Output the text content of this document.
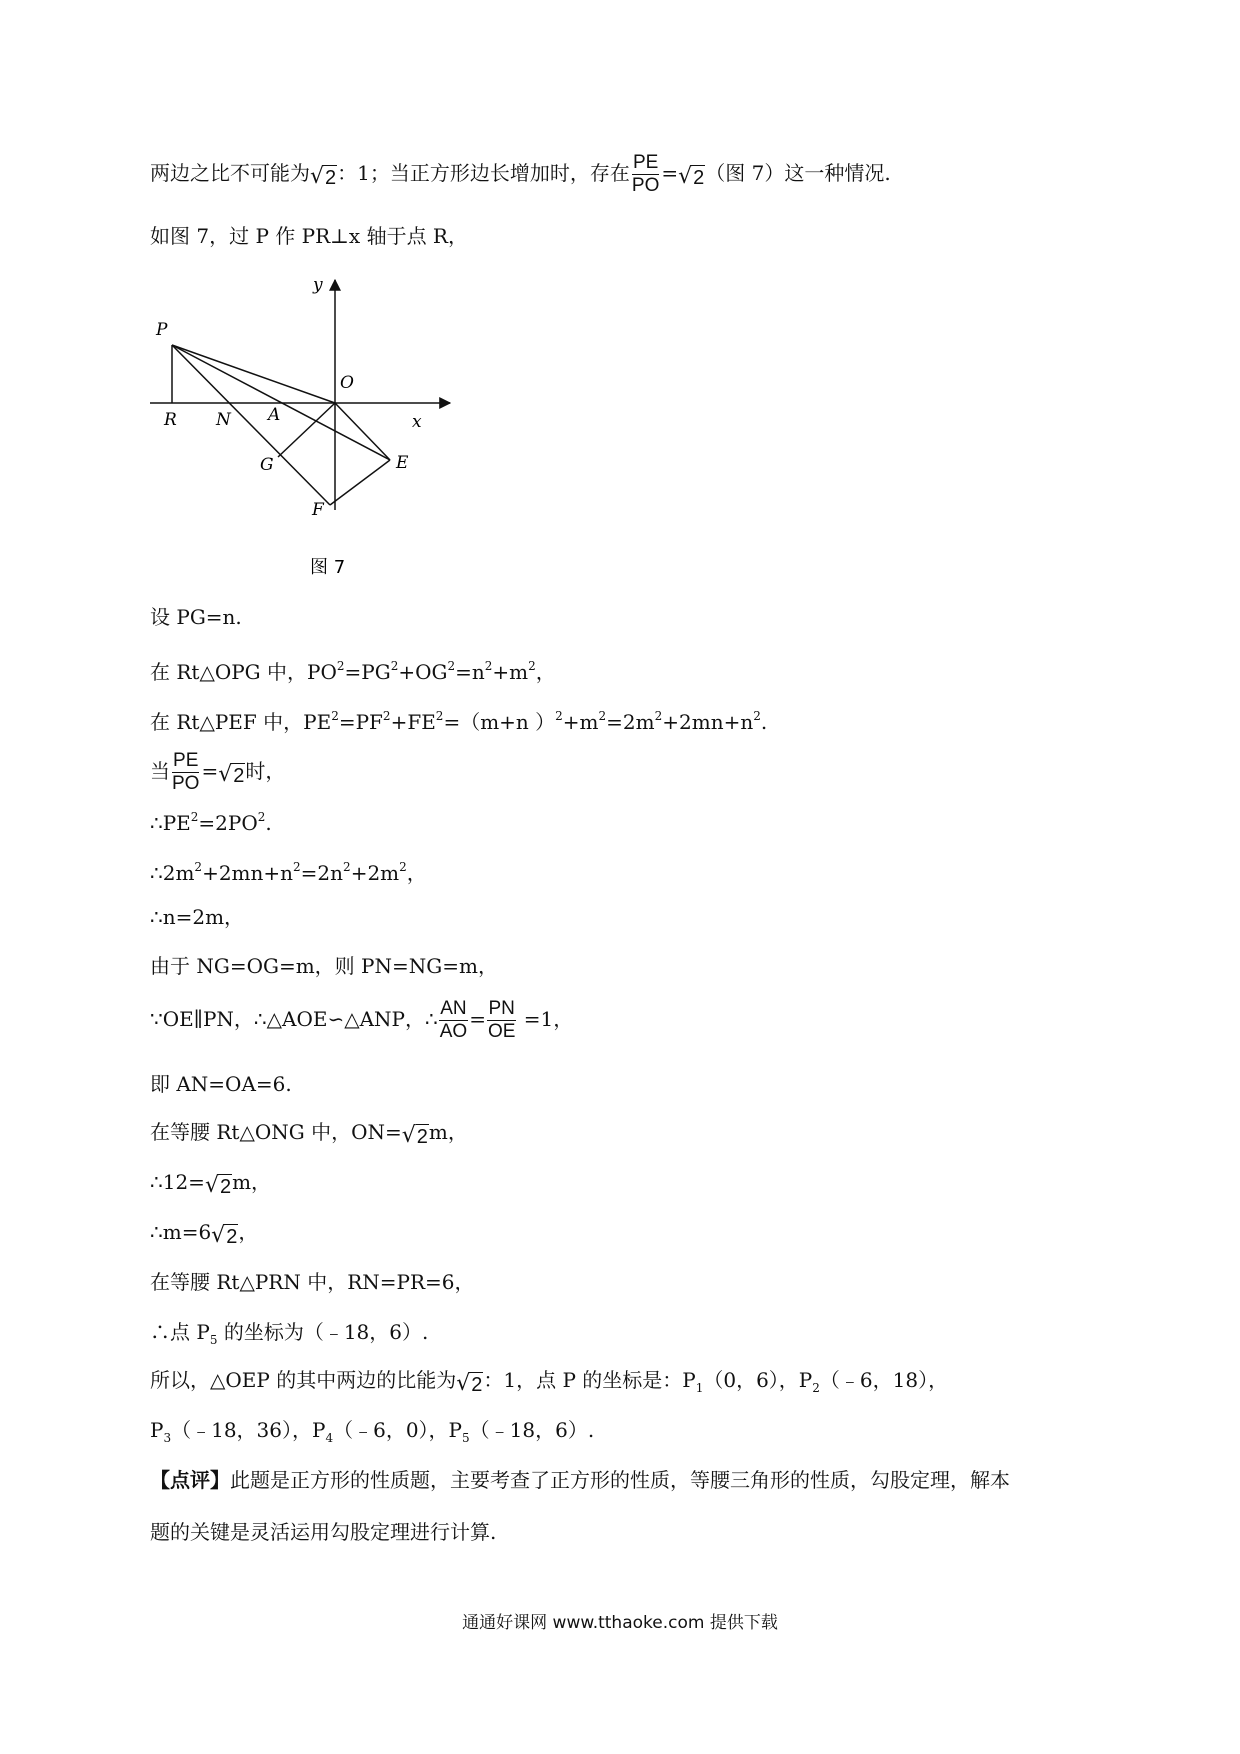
两边之比不可能为 √ 2 ：1；当正方形边长增加时，存在 $\frac{PE}{PO}$ = √ 2 （图 7）这一种情况.
如图 7，过 P 作 PR⊥x 轴于点 R，
y
x
P
O
R N A
G	E
F
图 7
设 PG=n.
在 Rt△OPG 中，$PO^2=PG^2+OG^2=n^2+m^2$，
在 Rt△PEF 中，$PE^2=PF^2+FE^2=(m+n$ ）$^2+m^2=2m^2+2mn+n^2$.
当 $\frac{PE}{PO}$ = √ 2 时，
$\therefore PE^2=2PO^2$.
$\therefore 2m^2+2mn+n^2=2n^2+2m^2$，
∴n=2m，
由于 NG=OG=m，则 PN=NG=m，
∵OE∥PN，∴△AOE∽△ANP，∴ $\frac{AN}{AO} = \frac{PN}{OE} =1$，
即 AN=OA=6.
在等腰 Rt△ONG 中，ON= √ 2 m，
∴12= √ 2 m，
∴m=6 √ 2 ，
在等腰 Rt△PRN 中，RN=PR=6，
∴点 $P_5$ 的坐标为（﹣18，6）.
所以，△OEP 的其中两边的比能为 √ 2 ：1，点 P 的坐标是：$P_1(0$，6），$P_2(﹣6$，18），
$P_3(﹣18$，36），$P_4(﹣6$，0），$P_5(﹣18$，6）.
【点评】此题是正方形的性质题，主要考查了正方形的性质，等腰三角形的性质，勾股定理，解本
题的关键是灵活运用勾股定理进行计算.
通通好课网 www.tthaoke.com 提供下载
